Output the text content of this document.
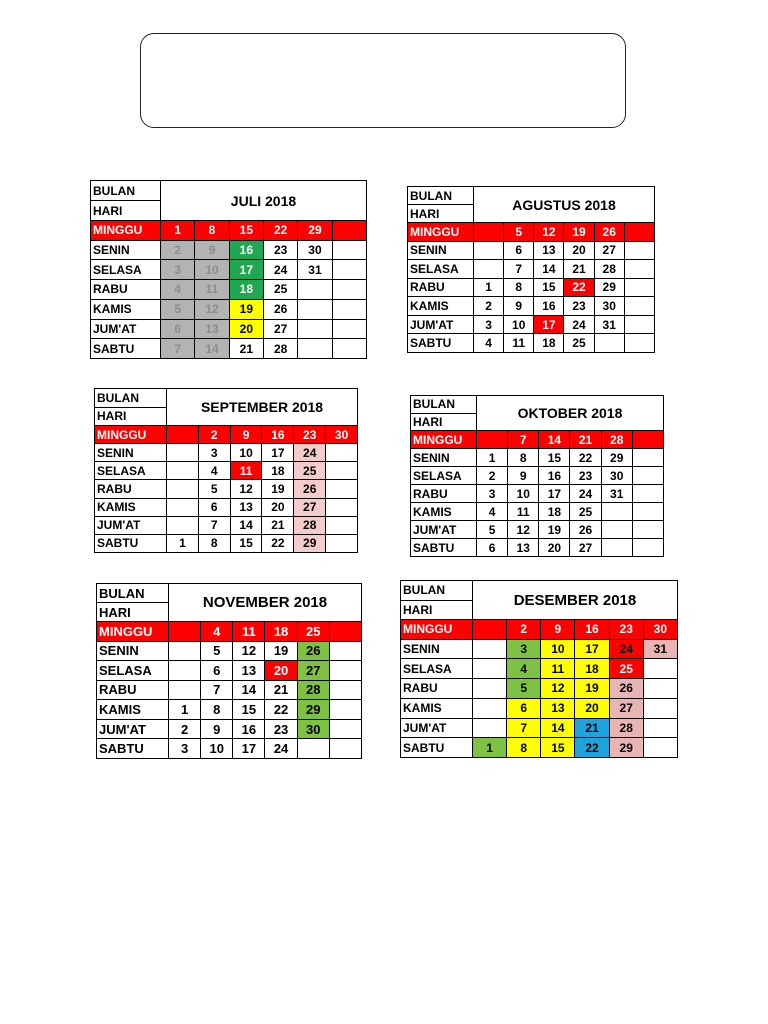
BULAN	JULI 2018					
HARI						
MINGGU	1	8	15	22	29	
SENIN	2	9	16	23	30	
SELASA	3	10	17	24	31	
RABU	4	11	18	25		
KAMIS	5	12	19	26		
JUM'AT	6	13	20	27		
SABTU	7	14	21	28		
BULAN	AGUSTUS 2018					
HARI						
MINGGU		5	12	19	26	
SENIN		6	13	20	27	
SELASA		7	14	21	28	
RABU	1	8	15	22	29	
KAMIS	2	9	16	23	30	
JUM'AT	3	10	17	24	31	
SABTU	4	11	18	25		
BULAN	SEPTEMBER 2018					
HARI						
MINGGU		2	9	16	23	30
SENIN		3	10	17	24	
SELASA		4	11	18	25	
RABU		5	12	19	26	
KAMIS		6	13	20	27	
JUM'AT		7	14	21	28	
SABTU	1	8	15	22	29	
BULAN	OKTOBER 2018					
HARI						
MINGGU		7	14	21	28	
SENIN	1	8	15	22	29	
SELASA	2	9	16	23	30	
RABU	3	10	17	24	31	
KAMIS	4	11	18	25		
JUM'AT	5	12	19	26		
SABTU	6	13	20	27		
BULAN	NOVEMBER 2018					
HARI						
MINGGU		4	11	18	25	
SENIN		5	12	19	26	
SELASA		6	13	20	27	
RABU		7	14	21	28	
KAMIS	1	8	15	22	29	
JUM'AT	2	9	16	23	30	
SABTU	3	10	17	24		
BULAN	DESEMBER 2018					
HARI						
MINGGU		2	9	16	23	30
SENIN		3	10	17	24	31
SELASA		4	11	18	25	
RABU		5	12	19	26	
KAMIS		6	13	20	27	
JUM'AT		7	14	21	28	
SABTU	1	8	15	22	29	
